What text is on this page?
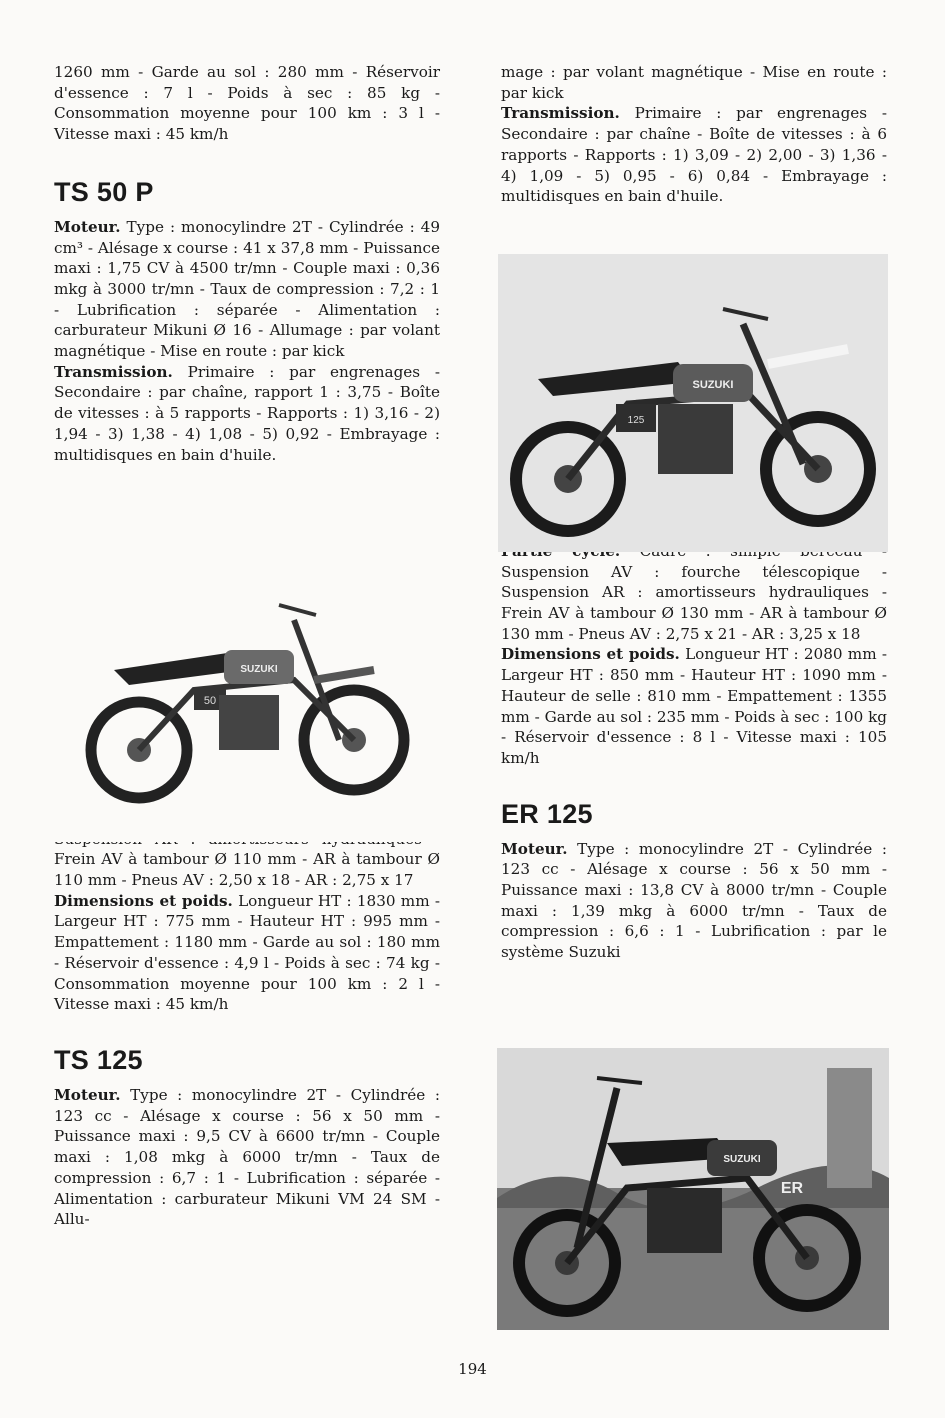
1260 mm - Garde au sol : 280 mm - Réservoir d'essence : 7 l - Poids à sec : 85 kg - Consommation moyenne pour 100 km : 3 l - Vitesse maxi : 45 km/h

TS 50 P

Moteur. Type : monocylindre 2T - Cylindrée : 49 cm³ - Alésage x course : 41 x 37,8 mm - Puissance maxi : 1,75 CV à 4500 tr/mn - Couple maxi : 0,36 mkg à 3000 tr/mn - Taux de compression : 7,2 : 1 - Lubrification : séparée - Alimentation : carburateur Mikuni Ø 16 - Allumage : par volant magnétique - Mise en route : par kick

Transmission. Primaire : par engrenages - Secondaire : par chaîne, rapport 1 : 3,75 - Boîte de vitesses : à 5 rapports - Rapports : 1) 3,16 - 2) 1,94 - 3) 1,38 - 4) 1,08 - 5) 0,92 - Embrayage : multidisques en bain d'huile.

Frein AV à tambour Ø 110 mm - AR à tambour Ø 110 mm - Pneus AV : 2,50 x 18 - AR : 2,75 x 17

Dimensions et poids. Longueur HT : 1830 mm - Largeur HT : 775 mm - Hauteur HT : 995 mm - Empattement : 1180 mm - Garde au sol : 180 mm - Réservoir d'essence : 4,9 l - Poids à sec : 74 kg - Consommation moyenne pour 100 km : 2 l - Vitesse maxi : 45 km/h

TS 125

Moteur. Type : monocylindre 2T - Cylindrée : 123 cc - Alésage x course : 56 x 50 mm - Puissance maxi : 9,5 CV à 6600 tr/mn - Couple maxi : 1,08 mkg à 6000 tr/mn - Taux de compression : 6,7 : 1 - Lubrification : séparée - Alimentation : carburateur Mikuni VM 24 SM - Allu-

mage : par volant magnétique - Mise en route : par kick

Transmission. Primaire : par engrenages - Secondaire : par chaîne - Boîte de vitesses : à 6 rapports - Rapports : 1) 3,09 - 2) 2,00 - 3) 1,36 - 4) 1,09 - 5) 0,95 - 6) 0,84 - Embrayage : multidisques en bain d'huile.

Suspension AV : fourche télescopique - Suspension AR : amortisseurs hydrauliques - Frein AV à tambour Ø 130 mm - AR à tambour Ø 130 mm - Pneus AV : 2,75 x 21 - AR : 3,25 x 18

Dimensions et poids. Longueur HT : 2080 mm - Largeur HT : 850 mm - Hauteur HT : 1090 mm - Hauteur de selle : 810 mm - Empattement : 1355 mm - Garde au sol : 235 mm - Poids à sec : 100 kg - Réservoir d'essence : 8 l - Vitesse maxi : 105 km/h

ER 125

Moteur. Type : monocylindre 2T - Cylindrée : 123 cc - Alésage x course : 56 x 50 mm - Puissance maxi : 13,8 CV à 8000 tr/mn - Couple maxi : 1,39 mkg à 6000 tr/mn - Taux de compression : 6,6 : 1 - Lubrification : par le système Suzuki

SUZUKI
50
SUZUKI
125
SUZUKI
ER
194
